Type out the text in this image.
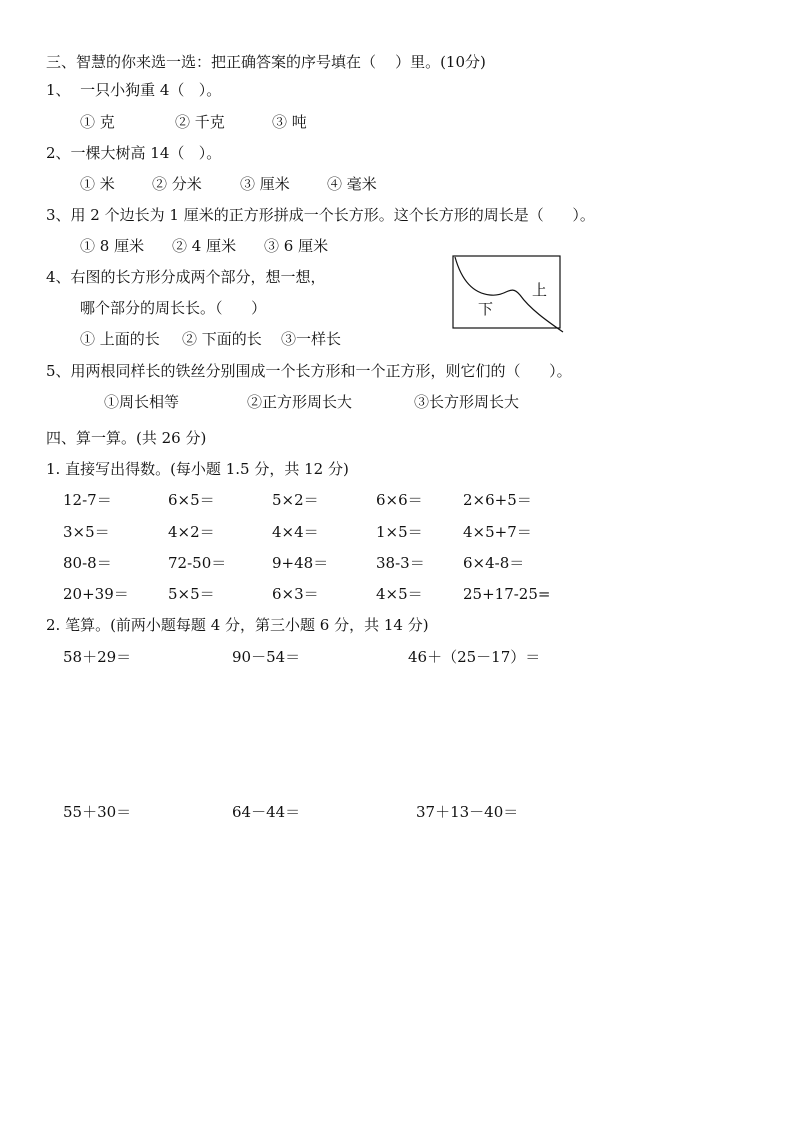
三、智慧的你来选一选：把正确答案的序号填在（    ）里。(10分)
1、  一只小狗重 4（   ）。
① 克	② 千克	③ 吨
2、一棵大树高 14（   ）。
① 米 ② 分米	③ 厘米 ④ 毫米
3、用 2 个边长为 1 厘米的正方形拼成一个长方形。这个长方形的周长是（      ）。
① 8 厘米 ② 4 厘米 ③ 6 厘米
4、右图的长方形分成两个部分，想一想，
哪个部分的周长长。（      ）
① 上面的长 ② 下面的长 ③一样长
上
下
5、用两根同样长的铁丝分别围成一个长方形和一个正方形，则它们的（      ）。
①周长相等	②正方形周长大	③长方形周长大
四、算一算。(共 26 分)
1. 直接写出得数。(每小题 1.5 分，共 12 分)
12-7＝	6×5＝	5×2＝	6×6＝	2×6+5＝
3×5＝	4×2＝	4×4＝	1×5＝	4×5+7＝
80-8＝	72-50＝	9+48＝	38-3＝	6×4-8＝
20+39＝	5×5＝	6×3＝	4×5＝	25+17-25=
2. 笔算。(前两小题每题 4 分，第三小题 6 分，共 14 分)
58＋29＝	90－54＝	46＋（25－17）＝
55＋30＝	64－44＝	37＋13－40＝
